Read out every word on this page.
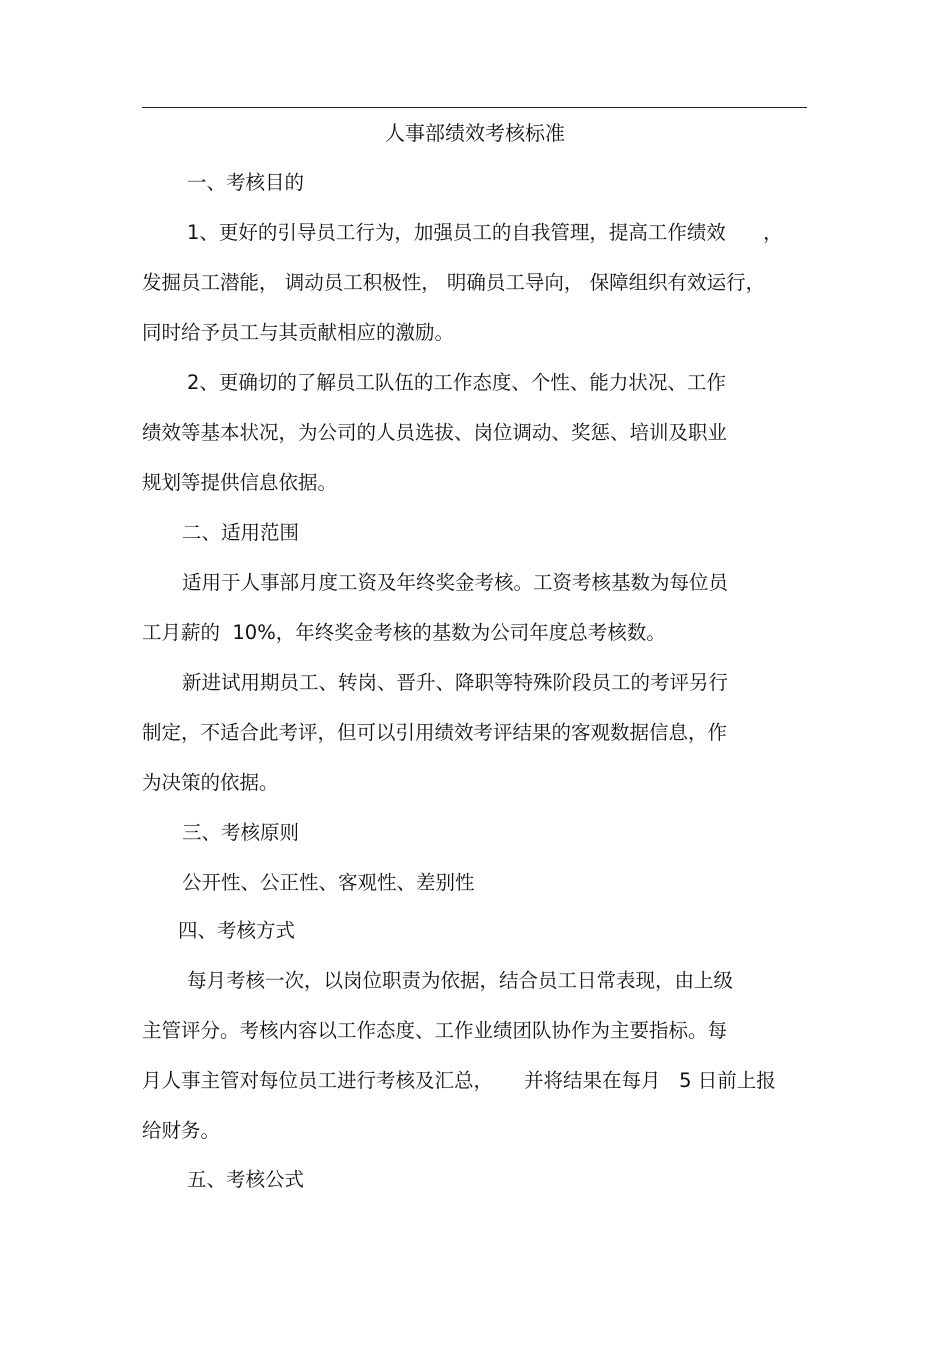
人事部绩效考核标准
一、考核目的
1、更好的引导员工行为，加强员工的自我管理，提高工作绩效      ，
发掘员工潜能， 调动员工积极性， 明确员工导向， 保障组织有效运行，
同时给予员工与其贡献相应的激励。
2、更确切的了解员工队伍的工作态度、个性、能力状况、工作
绩效等基本状况，为公司的人员选拔、岗位调动、奖惩、培训及职业
规划等提供信息依据。
二、适用范围
适用于人事部月度工资及年终奖金考核。工资考核基数为每位员
工月薪的  10%，年终奖金考核的基数为公司年度总考核数。
新进试用期员工、转岗、晋升、降职等特殊阶段员工的考评另行
制定，不适合此考评，但可以引用绩效考评结果的客观数据信息，作
为决策的依据。
三、考核原则
公开性、公正性、客观性、差别性
四、考核方式
每月考核一次，以岗位职责为依据，结合员工日常表现，由上级
主管评分。考核内容以工作态度、工作业绩团队协作为主要指标。每
月人事主管对每位员工进行考核及汇总，     并将结果在每月   5 日前上报
给财务。
五、考核公式
